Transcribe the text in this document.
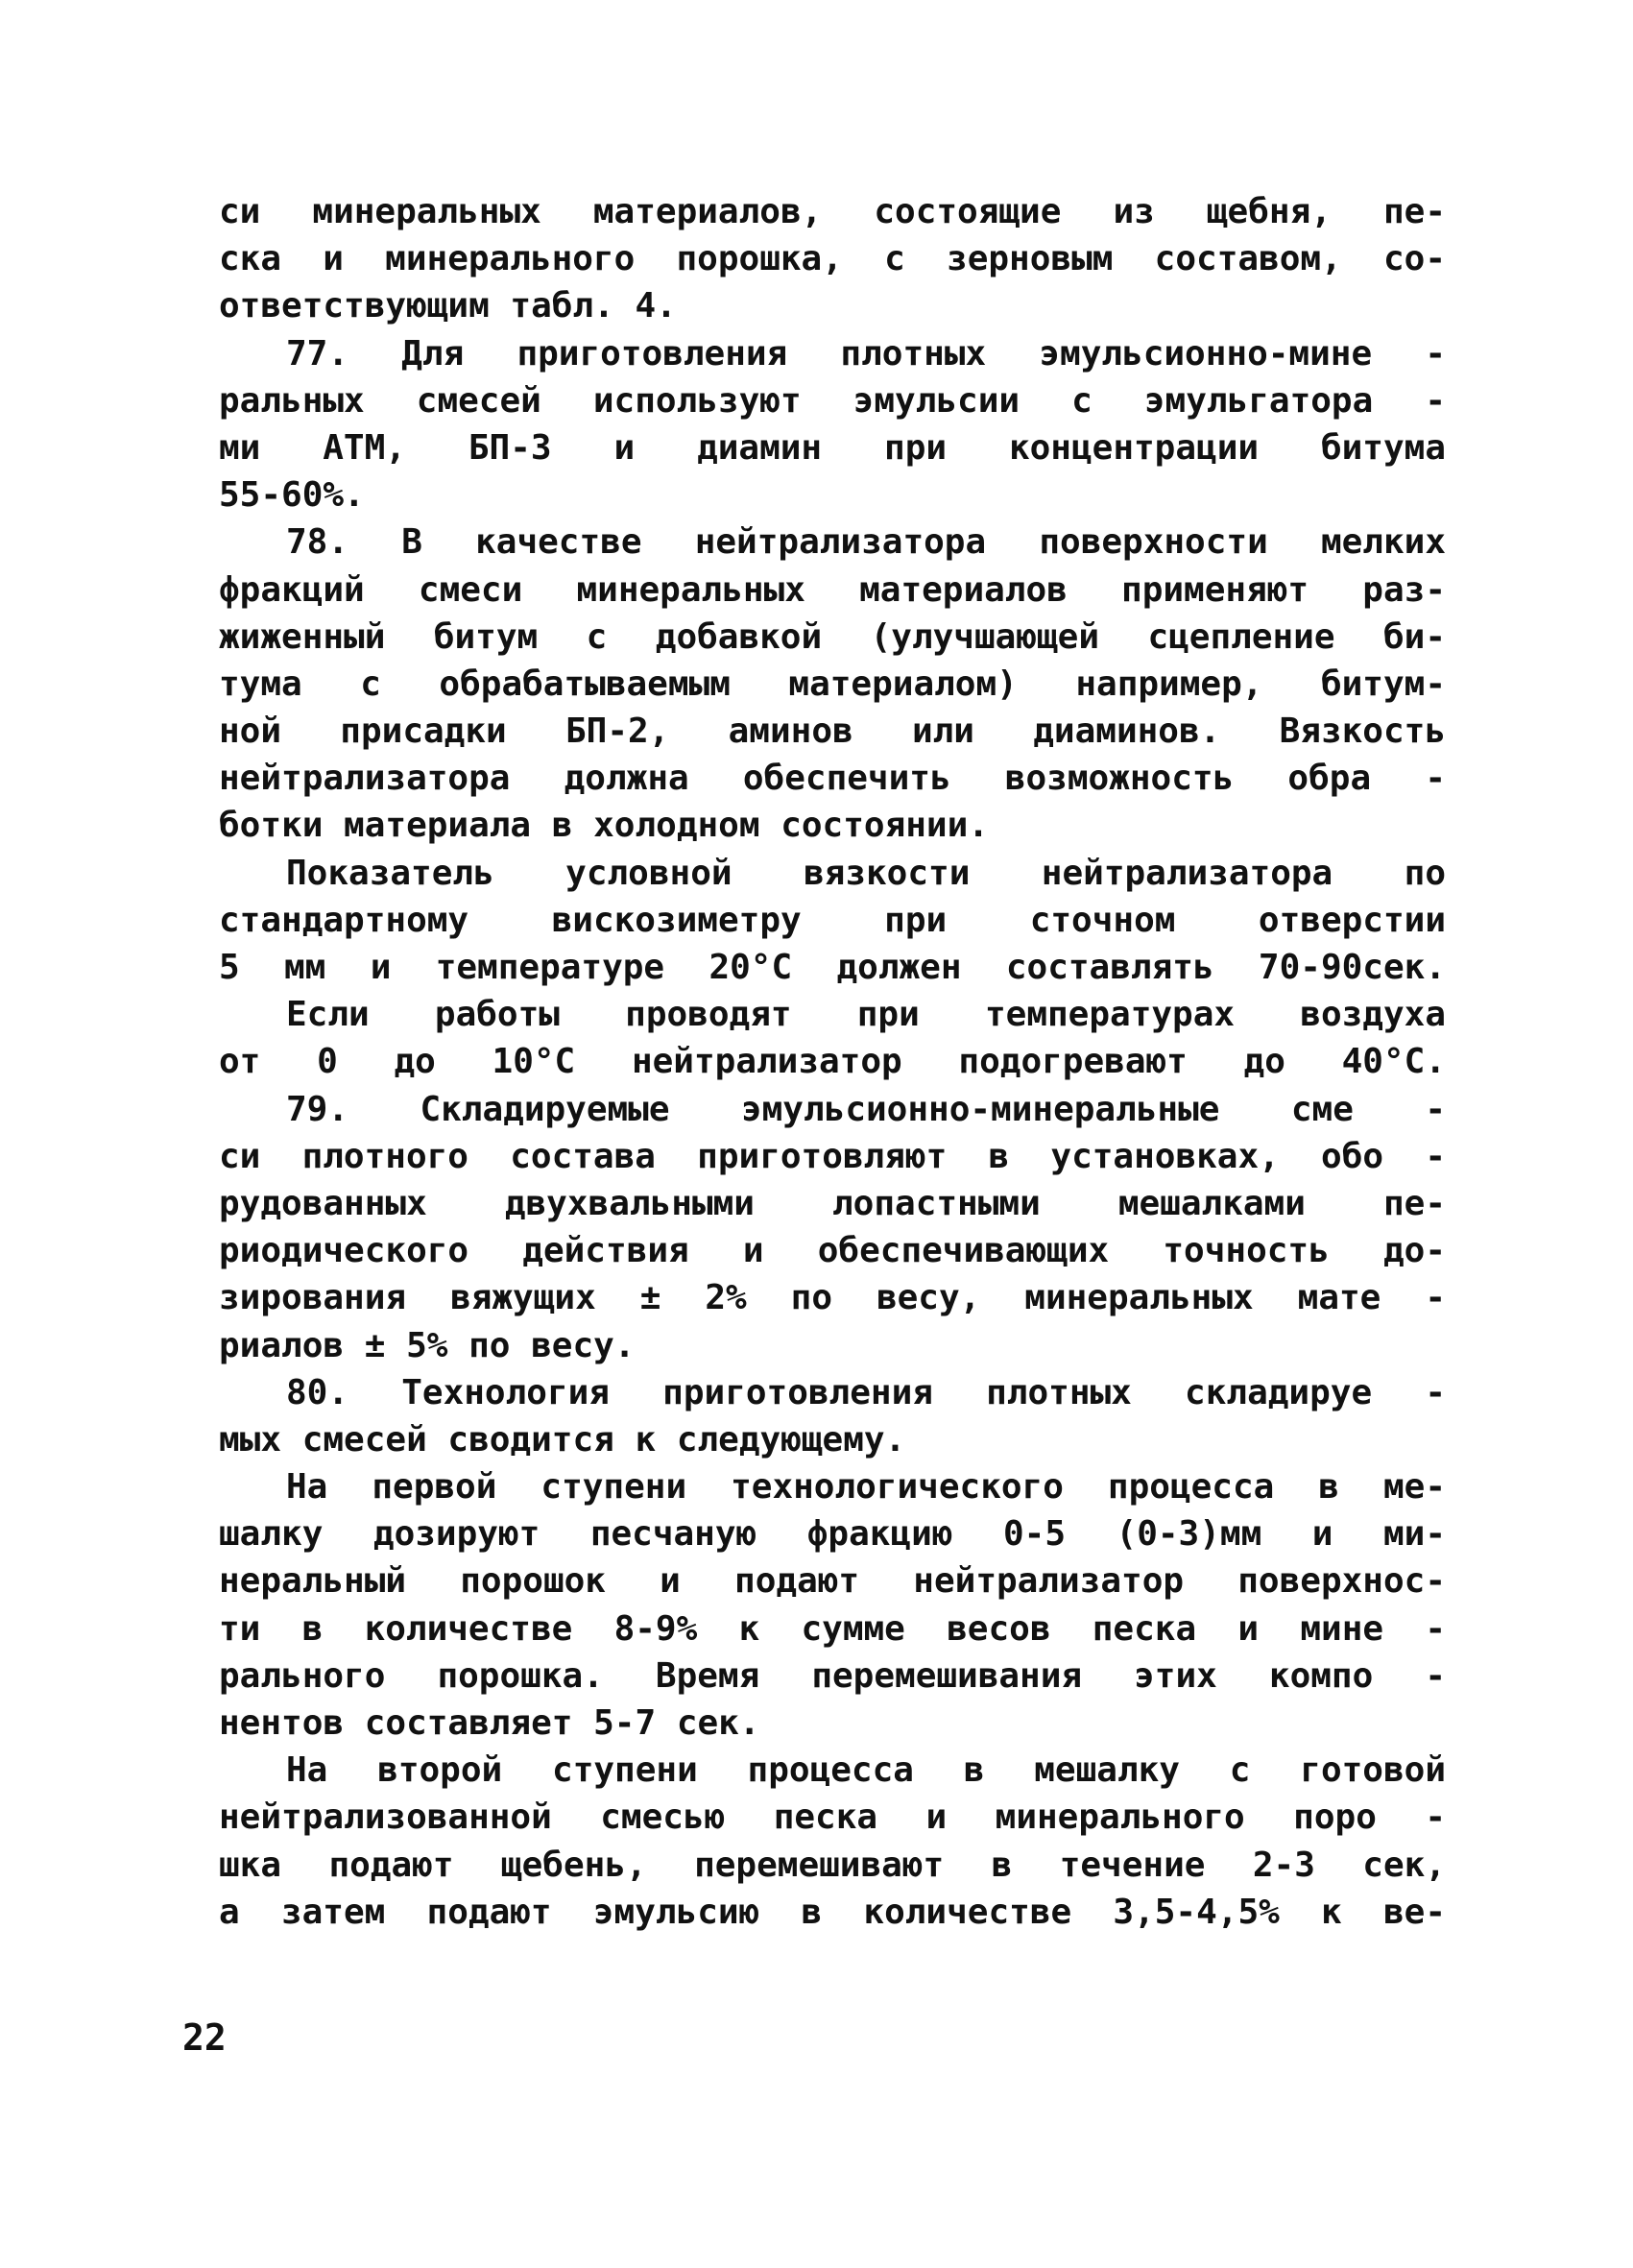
си минеральных материалов, состоящие из щебня, пе-
ска и минерального порошка, с зерновым составом, со-
ответствующим табл. 4.
77. Для приготовления плотных эмульсионно-мине -
ральных смесей используют эмульсии с эмульгатора -
ми АТМ, БП-3 и диамин при концентрации битума
55-60%.
78. В качестве нейтрализатора поверхности мелких
фракций смеси минеральных материалов применяют раз-
жиженный битум с добавкой (улучшающей сцепление би-
тума с обрабатываемым материалом) например, битум-
ной присадки БП-2, аминов или диаминов. Вязкость
нейтрализатора должна обеспечить возможность обра -
ботки материала в холодном состоянии.
Показатель условной вязкости нейтрализатора по
стандартному вискозиметру при сточном отверстии
5 мм и температуре 20°С должен составлять 70-90сек.
Если работы проводят при температурах воздуха
от 0 до 10°С нейтрализатор подогревают до 40°С.
79. Складируемые эмульсионно-минеральные сме -
си плотного состава приготовляют в установках, обо -
рудованных двухвальными лопастными мешалками пе-
риодического действия и обеспечивающих точность до-
зирования вяжущих ± 2% по весу, минеральных мате -
риалов ± 5% по весу.
80. Технология приготовления плотных складируе -
мых смесей сводится к следующему.
На первой ступени технологического процесса в ме-
шалку дозируют песчаную фракцию 0-5 (0-3)мм и ми-
неральный порошок и подают нейтрализатор поверхнос-
ти в количестве 8-9% к сумме весов песка и мине -
рального порошка. Время перемешивания этих компо -
нентов составляет 5-7 сек.
На второй ступени процесса в мешалку с готовой
нейтрализованной смесью песка и минерального поро -
шка подают щебень, перемешивают в течение 2-3 сек,
а затем подают эмульсию в количестве 3,5-4,5% к ве-
22
